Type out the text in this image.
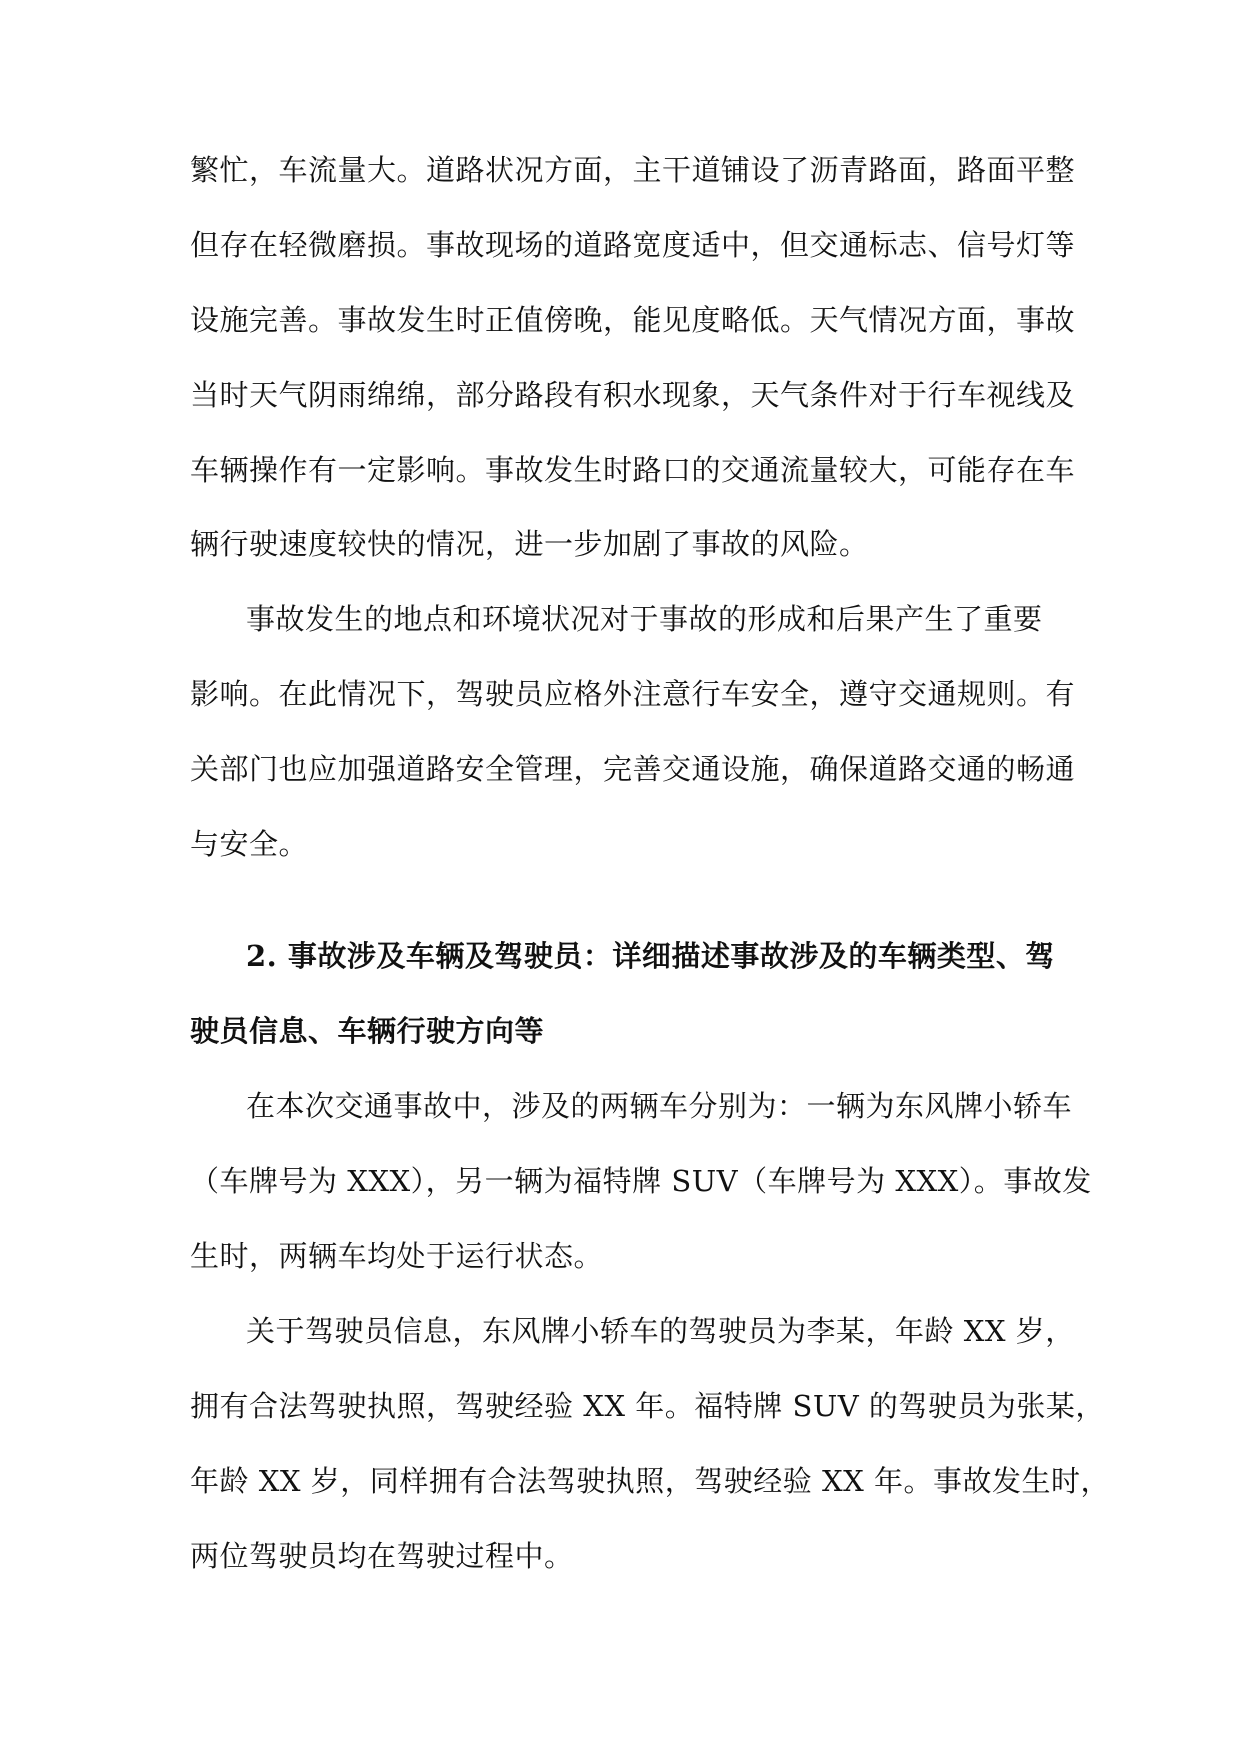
繁忙，车流量大。道路状况方面，主干道铺设了沥青路面，路面平整
但存在轻微磨损。事故现场的道路宽度适中，但交通标志、信号灯等
设施完善。事故发生时正值傍晚，能见度略低。天气情况方面，事故
当时天气阴雨绵绵，部分路段有积水现象，天气条件对于行车视线及
车辆操作有一定影响。事故发生时路口的交通流量较大，可能存在车
辆行驶速度较快的情况，进一步加剧了事故的风险。
事故发生的地点和环境状况对于事故的形成和后果产生了重要
影响。在此情况下，驾驶员应格外注意行车安全，遵守交通规则。有
关部门也应加强道路安全管理，完善交通设施，确保道路交通的畅通
与安全。
2. 事故涉及车辆及驾驶员：详细描述事故涉及的车辆类型、驾
驶员信息、车辆行驶方向等
在本次交通事故中，涉及的两辆车分别为：一辆为东风牌小轿车
（车牌号为 XXX），另一辆为福特牌 SUV（车牌号为 XXX）。事故发
生时，两辆车均处于运行状态。
关于驾驶员信息，东风牌小轿车的驾驶员为李某，年龄 XX 岁，
拥有合法驾驶执照，驾驶经验 XX 年。福特牌 SUV 的驾驶员为张某，
年龄 XX 岁，同样拥有合法驾驶执照，驾驶经验 XX 年。事故发生时，
两位驾驶员均在驾驶过程中。
